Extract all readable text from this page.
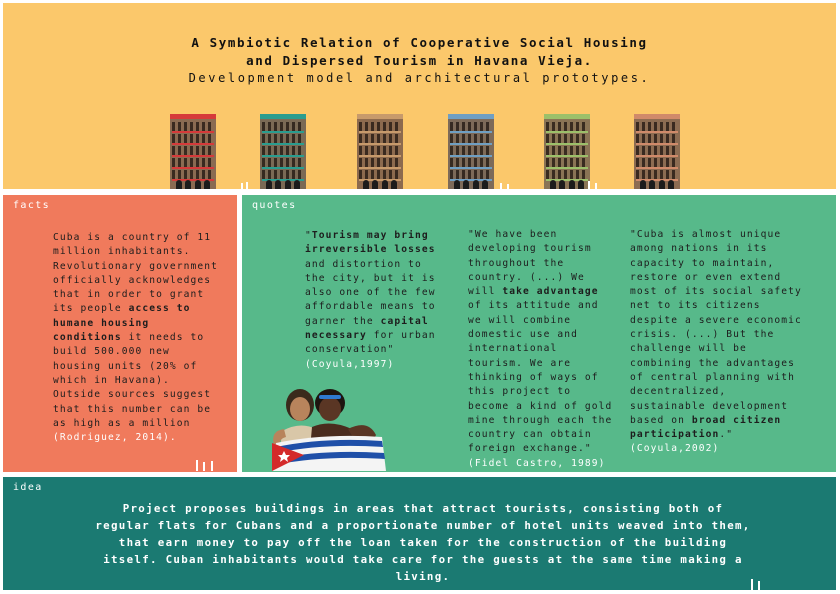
A Symbiotic Relation of Cooperative Social Housing
and Dispersed Tourism in Havana Vieja.
Development model and architectural prototypes.
facts
Cuba is a country of 11 million inhabitants. Revolutionary government officially acknowledges that in order to grant its people access to humane housing conditions it needs to build 500.000 new housing units (20% of which in Havana). Outside sources suggest that this number can be as high as a million (Rodriguez, 2014).
quotes
"Tourism may bring irreversible losses and distortion to the city, but it is also one of the few affordable means to garner the capital necessary for urban conservation"
(Coyula,1997)
"We have been developing tourism throughout the country. (...) We will take advantage of its attitude and we will combine domestic use and international tourism. We are thinking of ways of this project to become a kind of gold mine through each the country can obtain foreign exchange."
(Fidel Castro, 1989)
"Cuba is almost unique among nations in its capacity to maintain, restore or even extend most of its social safety net to its citizens despite a severe economic crisis. (...) But the challenge will be combining the advantages of central planning with decentralized, sustainable development based on broad citizen participation."(Coyula,2002)
idea
Project proposes buildings in areas that attract tourists, consisting both of regular flats for Cubans and a proportionate number of hotel units weaved into them, that earn money to pay off the loan taken for the construction of the building itself. Cuban inhabitants would take care for the guests at the same time making a living.
